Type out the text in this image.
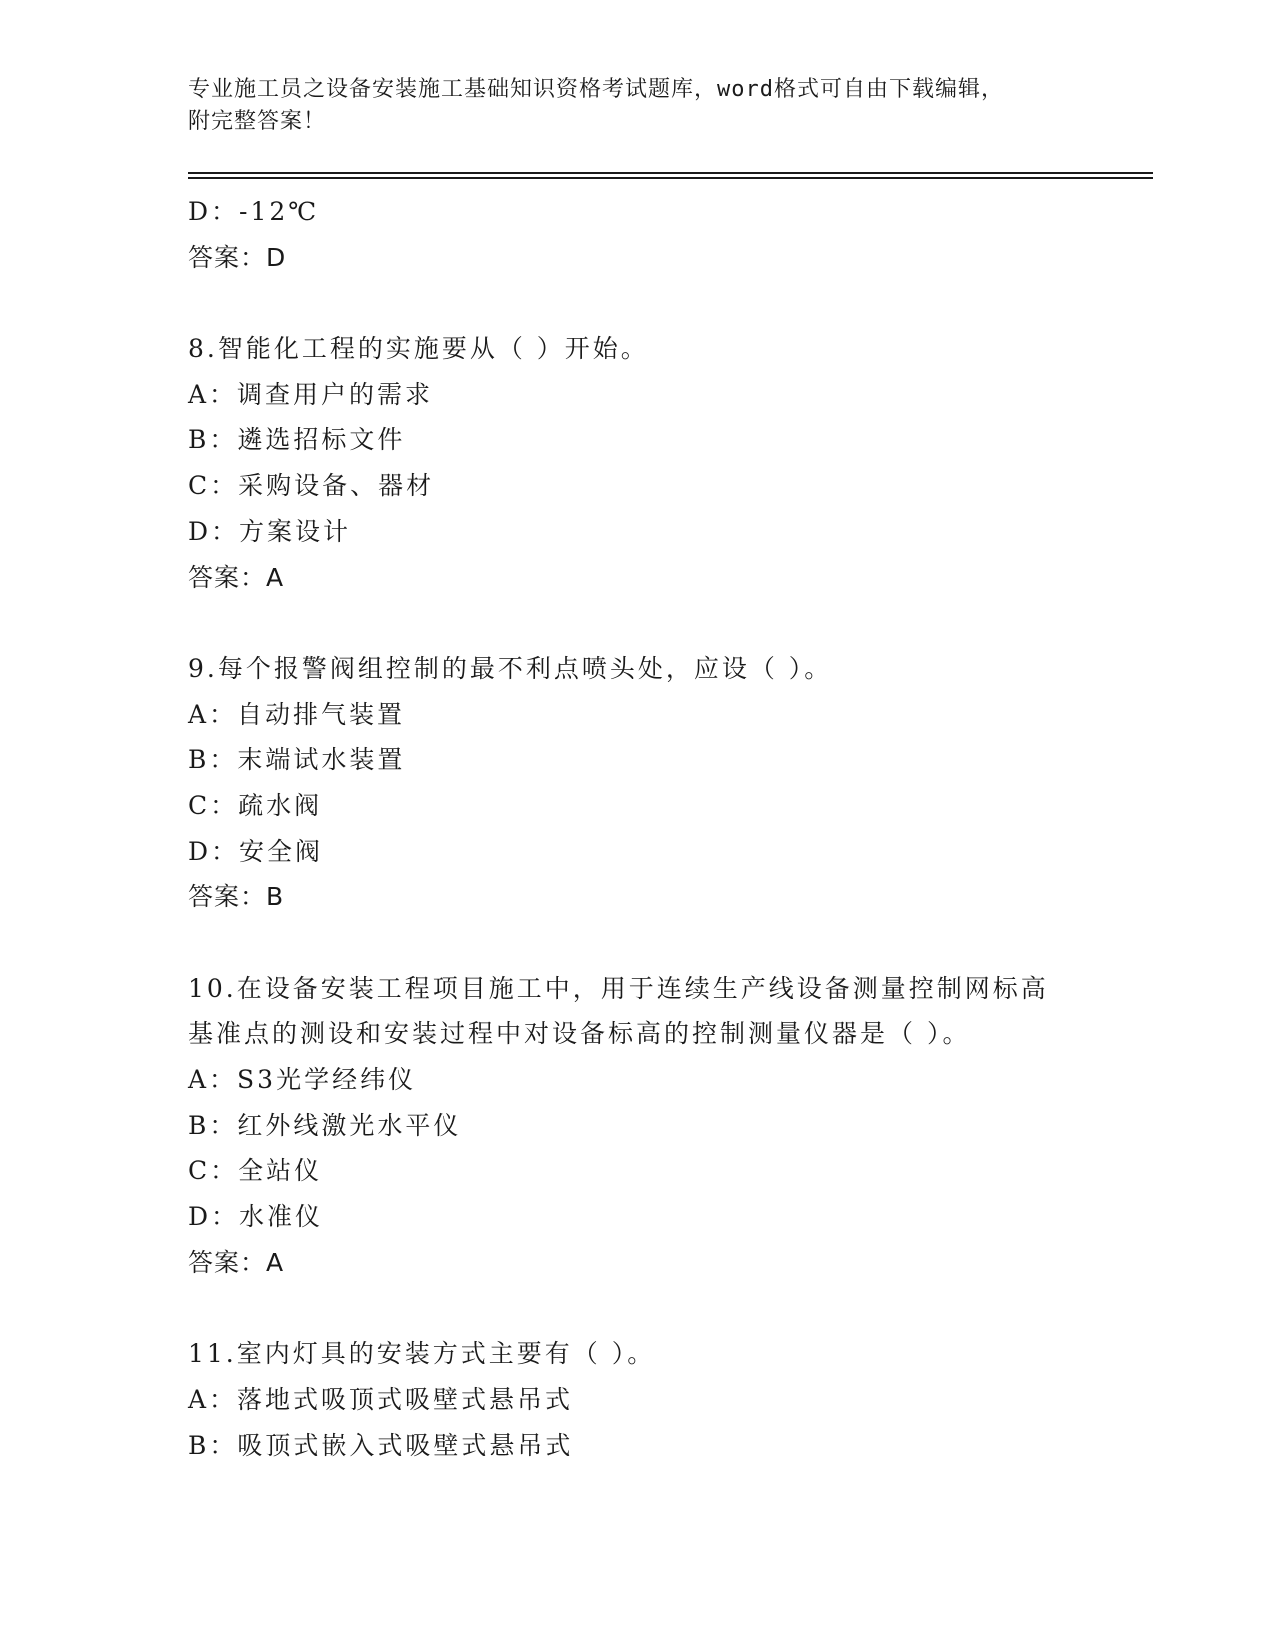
专业施工员之设备安装施工基础知识资格考试题库，word格式可自由下载编辑，
附完整答案！
D：-12℃
答案：D
8.智能化工程的实施要从（ ）开始。
A：调查用户的需求
B：遴选招标文件
C：采购设备、器材
D：方案设计
答案：A
9.每个报警阀组控制的最不利点喷头处，应设（ ）。
A：自动排气装置
B：末端试水装置
C：疏水阀
D：安全阀
答案：B
10.在设备安装工程项目施工中，用于连续生产线设备测量控制网标高
基准点的测设和安装过程中对设备标高的控制测量仪器是（ ）。
A：S3光学经纬仪
B：红外线激光水平仪
C：全站仪
D：水准仪
答案：A
11.室内灯具的安装方式主要有（ ）。
A：落地式吸顶式吸壁式悬吊式
B：吸顶式嵌入式吸壁式悬吊式
